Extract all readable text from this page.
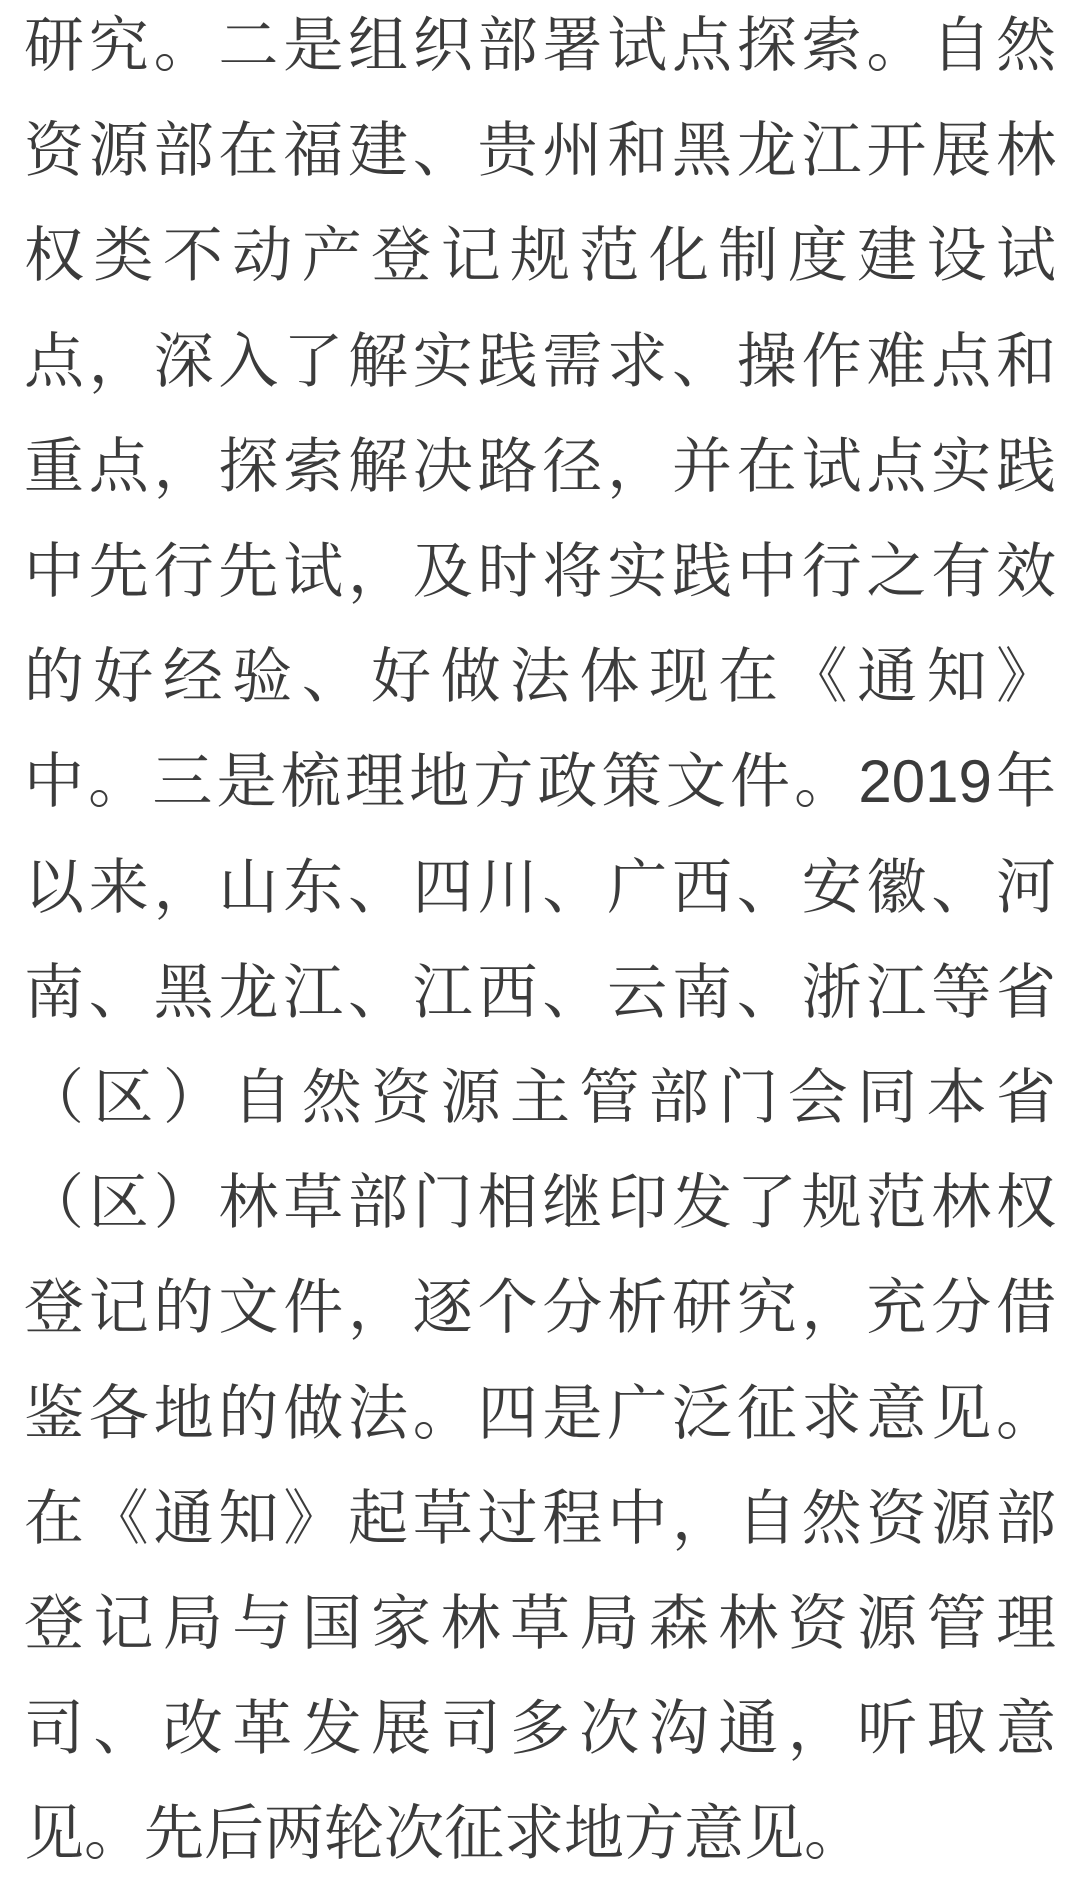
研究。二是组织部署试点探索。自然
资源部在福建、贵州和黑龙江开展林
权类不动产登记规范化制度建设试
点，深入了解实践需求、操作难点和
重点，探索解决路径，并在试点实践
中先行先试，及时将实践中行之有效
的好经验、好做法体现在《通知》
中。三是梳理地方政策文件。2019年
以来，山东、四川、广西、安徽、河
南、黑龙江、江西、云南、浙江等省
（区）自然资源主管部门会同本省
（区）林草部门相继印发了规范林权
登记的文件，逐个分析研究，充分借
鉴各地的做法。四是广泛征求意见。
在《通知》起草过程中，自然资源部
登记局与国家林草局森林资源管理
司、改革发展司多次沟通，听取意
见。先后两轮次征求地方意见。
